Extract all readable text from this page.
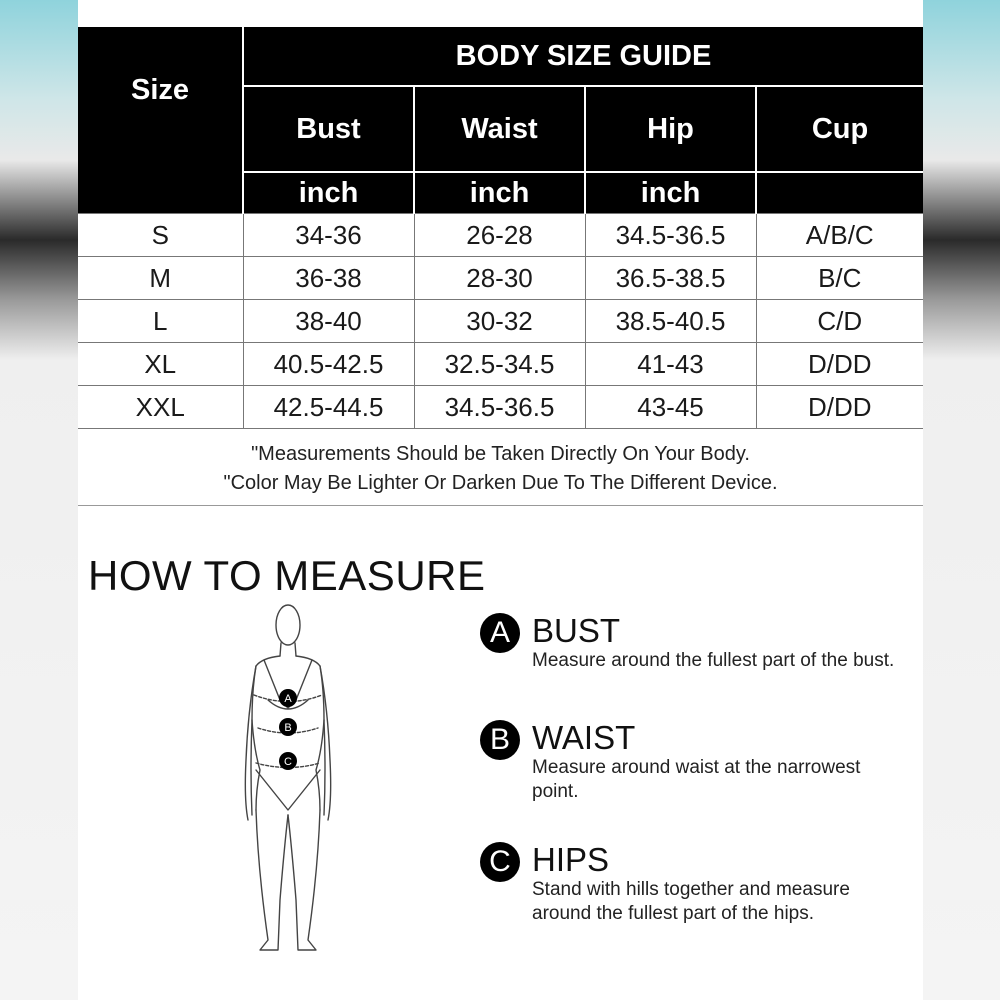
Size	BODY SIZE GUIDE			
	Bust	Waist	Hip	Cup
	inch	inch	inch	
S	34-36	26-28	34.5-36.5	A/B/C
M	36-38	28-30	36.5-38.5	B/C
L	38-40	30-32	38.5-40.5	C/D
XL	40.5-42.5	32.5-34.5	41-43	D/DD
XXL	42.5-44.5	34.5-36.5	43-45	D/DD
"Measurements Should be Taken Directly On Your Body.
"Color May Be Lighter Or Darken Due To The Different Device.
HOW TO MEASURE
A
B
C
A BUST
Measure around the fullest part of the bust.
B WAIST
Measure around waist at the narrowest point.
C HIPS
Stand with hills together and measure around the fullest part of the hips.
